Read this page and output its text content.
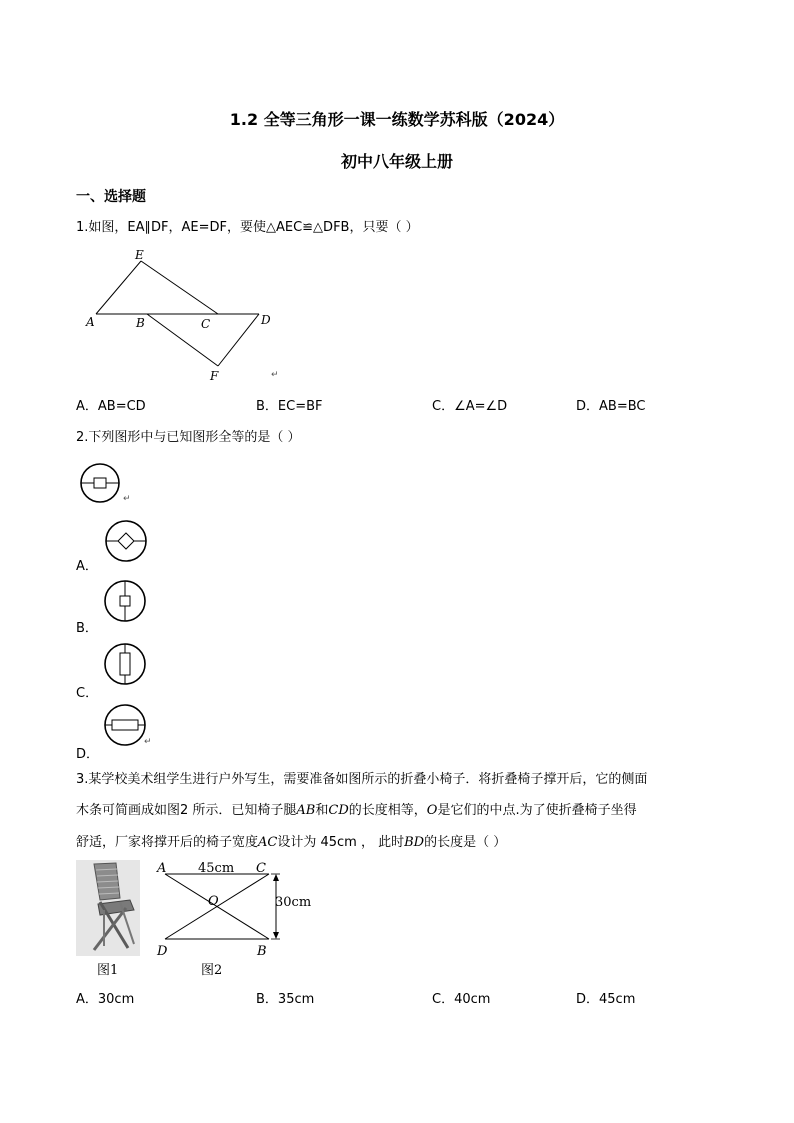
1.2 全等三角形一课一练数学苏科版（2024）
初中八年级上册
一、选择题
1.如图，EA∥DF，AE=DF，要使△AEC≌△DFB，只要（ ）
E
A	B	C	D
F	↵
A．AB=CD	B．EC=BF	C．∠A=∠D	D．AB=BC
2.下列图形中与已知图形全等的是（ ）
↵
A．
B．
C．
D．
↵
3.某学校美术组学生进行户外写生，需要准备如图所示的折叠小椅子．将折叠椅子撑开后，它的侧面
木条可简画成如图2 所示．已知椅子腿AB和CD的长度相等，O是它们的中点.为了使折叠椅子坐得
舒适，厂家将撑开后的椅子宽度AC设计为 45cm ， 此时BD的长度是（ ）
图1
A 45cm C
O	30cm
D	B
图2
A．30cm	B．35cm	C．40cm	D．45cm
